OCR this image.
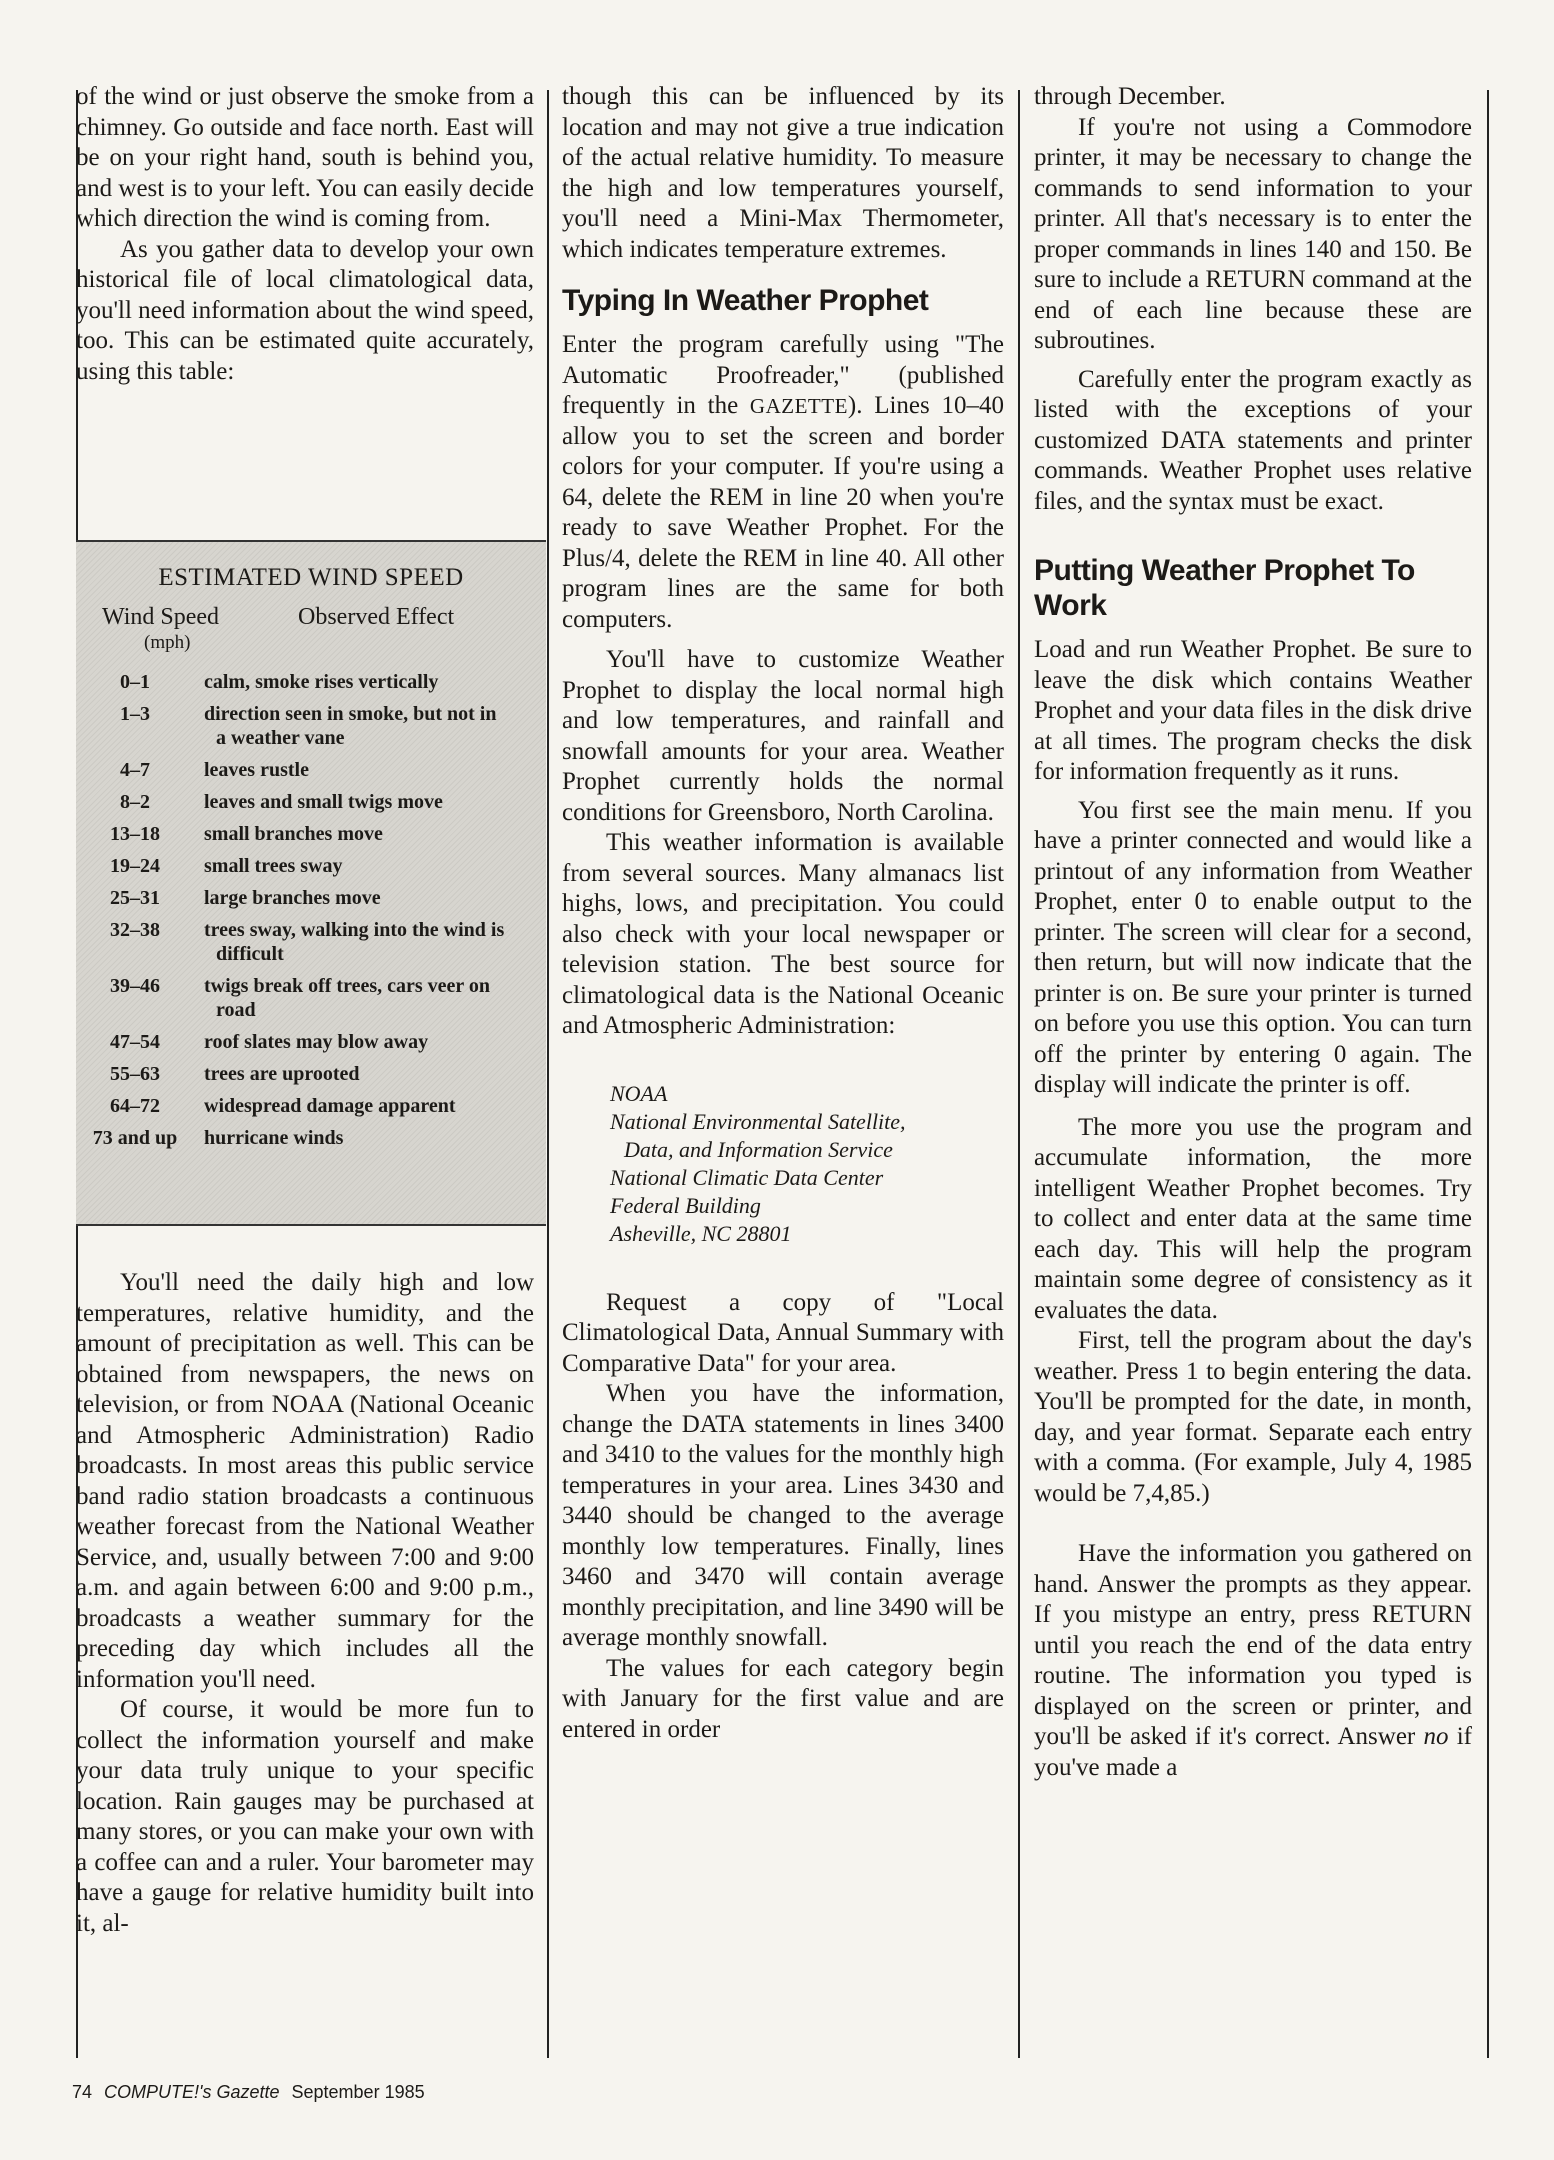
of the wind or just observe the smoke from a chimney. Go outside and face north. East will be on your right hand, south is behind you, and west is to your left. You can easily decide which direction the wind is coming from.

As you gather data to develop your own historical file of local climatological data, you'll need information about the wind speed, too. This can be estimated quite accurately, using this table:

ESTIMATED WIND SPEED
Wind Speed	Observed Effect
(mph)
0–1	calm, smoke rises vertically
1–3	direction seen in smoke, but not in a weather vane
4–7	leaves rustle
8–2	leaves and small twigs move
13–18	small branches move
19–24	small trees sway
25–31	large branches move
32–38	trees sway, walking into the wind is difficult
39–46	twigs break off trees, cars veer on road
47–54	roof slates may blow away
55–63	trees are uprooted
64–72	widespread damage apparent
73 and up	hurricane winds

You'll need the daily high and low temperatures, relative humidity, and the amount of precipitation as well. This can be obtained from newspapers, the news on television, or from NOAA (National Oceanic and Atmospheric Administration) Radio broadcasts. In most areas this public service band radio station broadcasts a continuous weather forecast from the National Weather Service, and, usually between 7:00 and 9:00 a.m. and again between 6:00 and 9:00 p.m., broadcasts a weather summary for the preceding day which includes all the information you'll need.

Of course, it would be more fun to collect the information yourself and make your data truly unique to your specific location. Rain gauges may be purchased at many stores, or you can make your own with a coffee can and a ruler. Your barometer may have a gauge for relative humidity built into it, al-

though this can be influenced by its location and may not give a true indication of the actual relative humidity. To measure the high and low temperatures yourself, you'll need a Mini-Max Thermometer, which indicates temperature extremes.

Typing In Weather Prophet

Enter the program carefully using "The Automatic Proofreader," (published frequently in the GAZETTE). Lines 10–40 allow you to set the screen and border colors for your computer. If you're using a 64, delete the REM in line 20 when you're ready to save Weather Prophet. For the Plus/4, delete the REM in line 40. All other program lines are the same for both computers.

You'll have to customize Weather Prophet to display the local normal high and low temperatures, and rainfall and snowfall amounts for your area. Weather Prophet currently holds the normal conditions for Greensboro, North Carolina.

This weather information is available from several sources. Many almanacs list highs, lows, and precipitation. You could also check with your local newspaper or television station. The best source for climatological data is the National Oceanic and Atmospheric Administration:

NOAA
National Environmental Satellite,
Data, and Information Service
National Climatic Data Center
Federal Building
Asheville, NC 28801

Request a copy of "Local Climatological Data, Annual Summary with Comparative Data" for your area.

When you have the information, change the DATA statements in lines 3400 and 3410 to the values for the monthly high temperatures in your area. Lines 3430 and 3440 should be changed to the average monthly low temperatures. Finally, lines 3460 and 3470 will contain average monthly precipitation, and line 3490 will be average monthly snowfall.

The values for each category begin with January for the first value and are entered in order

through December.

If you're not using a Commodore printer, it may be necessary to change the commands to send information to your printer. All that's necessary is to enter the proper commands in lines 140 and 150. Be sure to include a RETURN command at the end of each line because these are subroutines.

Carefully enter the program exactly as listed with the exceptions of your customized DATA statements and printer commands. Weather Prophet uses relative files, and the syntax must be exact.

Putting Weather Prophet To Work

Load and run Weather Prophet. Be sure to leave the disk which contains Weather Prophet and your data files in the disk drive at all times. The program checks the disk for information frequently as it runs.

You first see the main menu. If you have a printer connected and would like a printout of any information from Weather Prophet, enter 0 to enable output to the printer. The screen will clear for a second, then return, but will now indicate that the printer is on. Be sure your printer is turned on before you use this option. You can turn off the printer by entering 0 again. The display will indicate the printer is off.

The more you use the program and accumulate information, the more intelligent Weather Prophet becomes. Try to collect and enter data at the same time each day. This will help the program maintain some degree of consistency as it evaluates the data.

First, tell the program about the day's weather. Press 1 to begin entering the data. You'll be prompted for the date, in month, day, and year format. Separate each entry with a comma. (For example, July 4, 1985 would be 7,4,85.)

Have the information you gathered on hand. Answer the prompts as they appear. If you mistype an entry, press RETURN until you reach the end of the data entry routine. The information you typed is displayed on the screen or printer, and you'll be asked if it's correct. Answer no if you've made a

74 COMPUTE!'s Gazette September 1985
